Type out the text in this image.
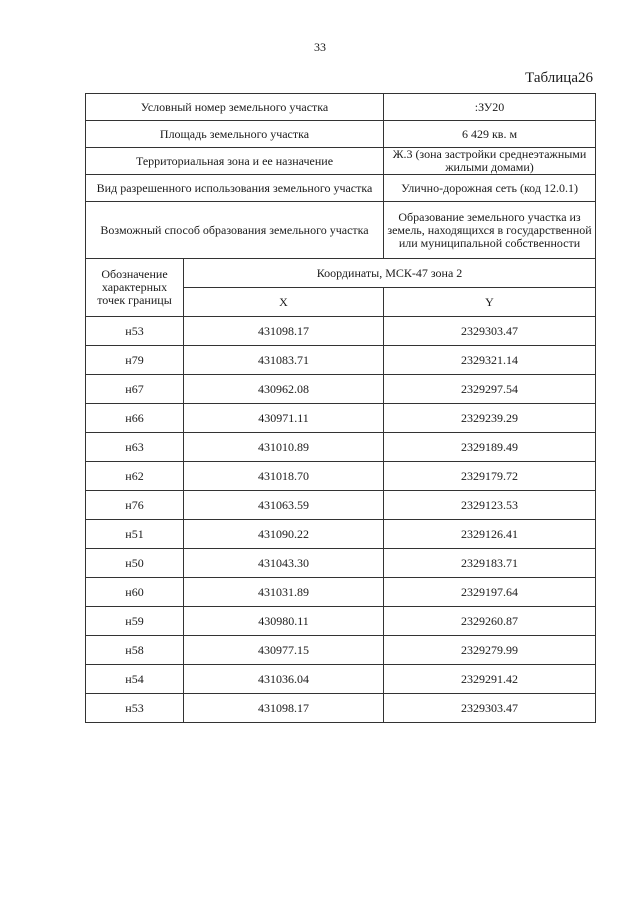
33
Таблица26
Условный номер земельного участка		:ЗУ20
Площадь земельного участка		6 429 кв. м
Территориальная зона и ее назначение		Ж.3 (зона застройки среднеэтажными жилыми домами)
Вид разрешенного использования земельного участка		Улично-дорожная сеть (код 12.0.1)
Возможный способ образования земельного участка		Образование земельного участка из земель, находящихся в государственной или муниципальной собственности
Обозначение характерных точек границы	Координаты, МСК-47 зона 2	
	X	Y
н53	431098.17	2329303.47
н79	431083.71	2329321.14
н67	430962.08	2329297.54
н66	430971.11	2329239.29
н63	431010.89	2329189.49
н62	431018.70	2329179.72
н76	431063.59	2329123.53
н51	431090.22	2329126.41
н50	431043.30	2329183.71
н60	431031.89	2329197.64
н59	430980.11	2329260.87
н58	430977.15	2329279.99
н54	431036.04	2329291.42
н53	431098.17	2329303.47
